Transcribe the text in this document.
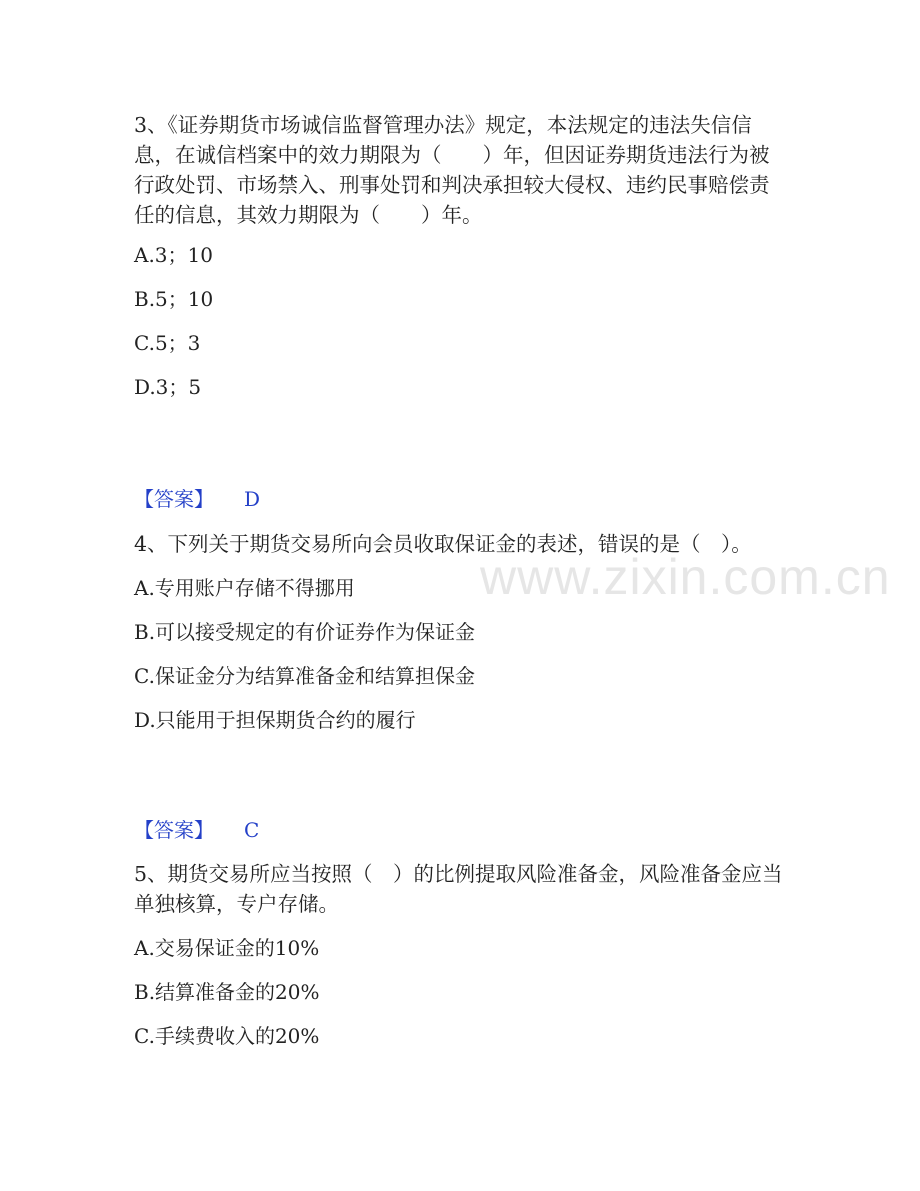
www.zixin.com.cn

3、《证券期货市场诚信监督管理办法》规定，本法规定的违法失信信息，在诚信档案中的效力期限为（　　）年，但因证券期货违法行为被行政处罚、市场禁入、刑事处罚和判决承担较大侵权、违约民事赔偿责任的信息，其效力期限为（　　）年。

A.3；10
B.5；10
C.5；3
D.3；5
【答案】 D

4、下列关于期货交易所向会员收取保证金的表述，错误的是（　）。

A.专用账户存储不得挪用
B.可以接受规定的有价证券作为保证金
C.保证金分为结算准备金和结算担保金
D.只能用于担保期货合约的履行
【答案】 C

5、期货交易所应当按照（　）的比例提取风险准备金，风险准备金应当单独核算，专户存储。

A.交易保证金的10%
B.结算准备金的20%
C.手续费收入的20%
